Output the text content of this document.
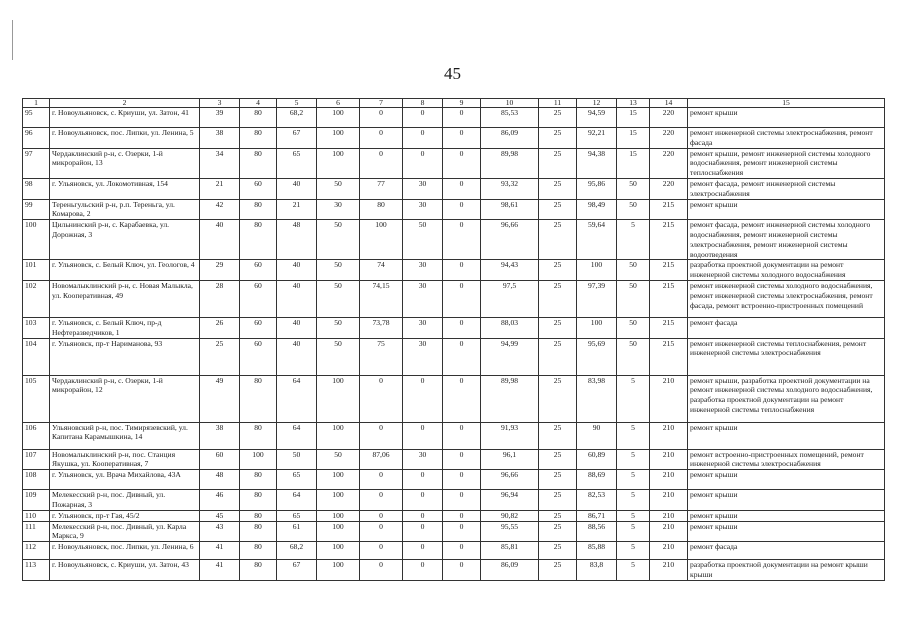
45
1	2	3	4	5	6	7	8	9	10	11	12	13	14	15
95	г. Новоульяновск, с. Криуши, ул. Затон, 41	39	80	68,2	100	0	0	0	85,53	25	94,59	15	220	ремонт крыши
96	г. Новоульяновск, пос. Липки, ул. Ленина, 5	38	80	67	100	0	0	0	86,09	25	92,21	15	220	ремонт инженерной системы электроснабжения, ремонт фасада
97	Чердаклинский р-н, с. Озерки, 1-й микрорайон, 13	34	80	65	100	0	0	0	89,98	25	94,38	15	220	ремонт крыши, ремонт инженерной системы холодного водоснабжения, ремонт инженерной системы теплоснабжения
98	г. Ульяновск, ул. Локомотивная, 154	21	60	40	50	77	30	0	93,32	25	95,86	50	220	ремонт фасада, ремонт инженерной системы электроснабжения
99	Тереньгульский р-н, р.п. Тереньга, ул. Комарова, 2	42	80	21	30	80	30	0	98,61	25	98,49	50	215	ремонт крыши
100	Цильнинский р-н, с. Карабаевка, ул. Дорожная, 3	40	80	48	50	100	50	0	96,66	25	59,64	5	215	ремонт фасада, ремонт инженерной системы холодного водоснабжения, ремонт инженерной системы электроснабжения, ремонт инженерной системы водоотведения
101	г. Ульяновск, с. Белый Ключ, ул. Геологов, 4	29	60	40	50	74	30	0	94,43	25	100	50	215	разработка проектной документации на ремонт инженерной системы холодного водоснабжения
102	Новомалыклинский р-н, с. Новая Малыкла, ул. Кооперативная, 49	28	60	40	50	74,15	30	0	97,5	25	97,39	50	215	ремонт инженерной системы холодного водоснабжения, ремонт инженерной системы электроснабжения, ремонт фасада, ремонт встроенно-пристроенных помещений
103	г. Ульяновск, с. Белый Ключ, пр-д Нефтеразведчиков, 1	26	60	40	50	73,78	30	0	88,03	25	100	50	215	ремонт фасада
104	г. Ульяновск, пр-т Нариманова, 93	25	60	40	50	75	30	0	94,99	25	95,69	50	215	ремонт инженерной системы теплоснабжения, ремонт инженерной системы электроснабжения
105	Чердаклинский р-н, с. Озерки, 1-й микрорайон, 12	49	80	64	100	0	0	0	89,98	25	83,98	5	210	ремонт крыши, разработка проектной документации на ремонт инженерной системы холодного водоснабжения, разработка проектной документации на ремонт инженерной системы теплоснабжения
106	Ульяновский р-н, пос. Тимирязевский, ул. Капитана Карамышкина, 14	38	80	64	100	0	0	0	91,93	25	90	5	210	ремонт крыши
107	Новомалыклинский р-н, пос. Станция Якушка, ул. Кооперативная, 7	60	100	50	50	87,06	30	0	96,1	25	60,89	5	210	ремонт встроенно-пристроенных помещений, ремонт инженерной системы электроснабжения
108	г. Ульяновск, ул. Врача Михайлова, 43А	48	80	65	100	0	0	0	96,66	25	88,69	5	210	ремонт крыши
109	Мелекесский р-н, пос. Дивный, ул. Пожарная, 3	46	80	64	100	0	0	0	96,94	25	82,53	5	210	ремонт крыши
110	г. Ульяновск, пр-т Гая, 45/2	45	80	65	100	0	0	0	90,82	25	86,71	5	210	ремонт крыши
111	Мелекесский р-н, пос. Дивный, ул. Карла Маркса, 9	43	80	61	100	0	0	0	95,55	25	88,56	5	210	ремонт крыши
112	г. Новоульяновск, пос. Липки, ул. Ленина, 6	41	80	68,2	100	0	0	0	85,81	25	85,88	5	210	ремонт фасада
113	г. Новоульяновск, с. Криуши, ул. Затон, 43	41	80	67	100	0	0	0	86,09	25	83,8	5	210	разработка проектной документации на ремонт крыши крыши
